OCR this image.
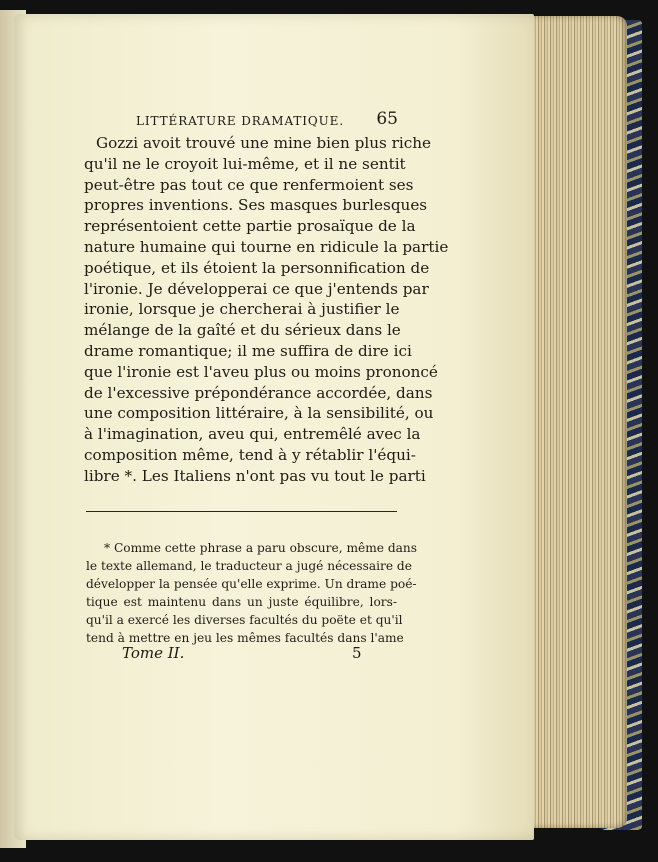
LITTÉRATURE DRAMATIQUE. 65
Gozzi avoit trouvé une mine bien plus riche
qu'il ne le croyoit lui-même, et il ne sentit
peut-être pas tout ce que renfermoient ses
propres inventions. Ses masques burlesques
représentoient cette partie prosaïque de la
nature humaine qui tourne en ridicule la partie
poétique, et ils étoient la personnification de
l'ironie. Je développerai ce que j'entends par
ironie, lorsque je chercherai à justifier le
mélange de la gaîté et du sérieux dans le
drame romantique; il me suffira de dire ici
que l'ironie est l'aveu plus ou moins prononcé
de l'excessive prépondérance accordée, dans
une composition littéraire, à la sensibilité, ou
à l'imagination, aveu qui, entremêlé avec la
composition même, tend à y rétablir l'équi-
libre *. Les Italiens n'ont pas vu tout le parti
* Comme cette phrase a paru obscure, même dans
le texte allemand, le traducteur a jugé nécessaire de
développer la pensée qu'elle exprime. Un drame poé-
tique est maintenu dans un juste équilibre, lors-
qu'il a exercé les diverses facultés du poëte et qu'il
tend à mettre en jeu les mêmes facultés dans l'ame
Tome II.	5
